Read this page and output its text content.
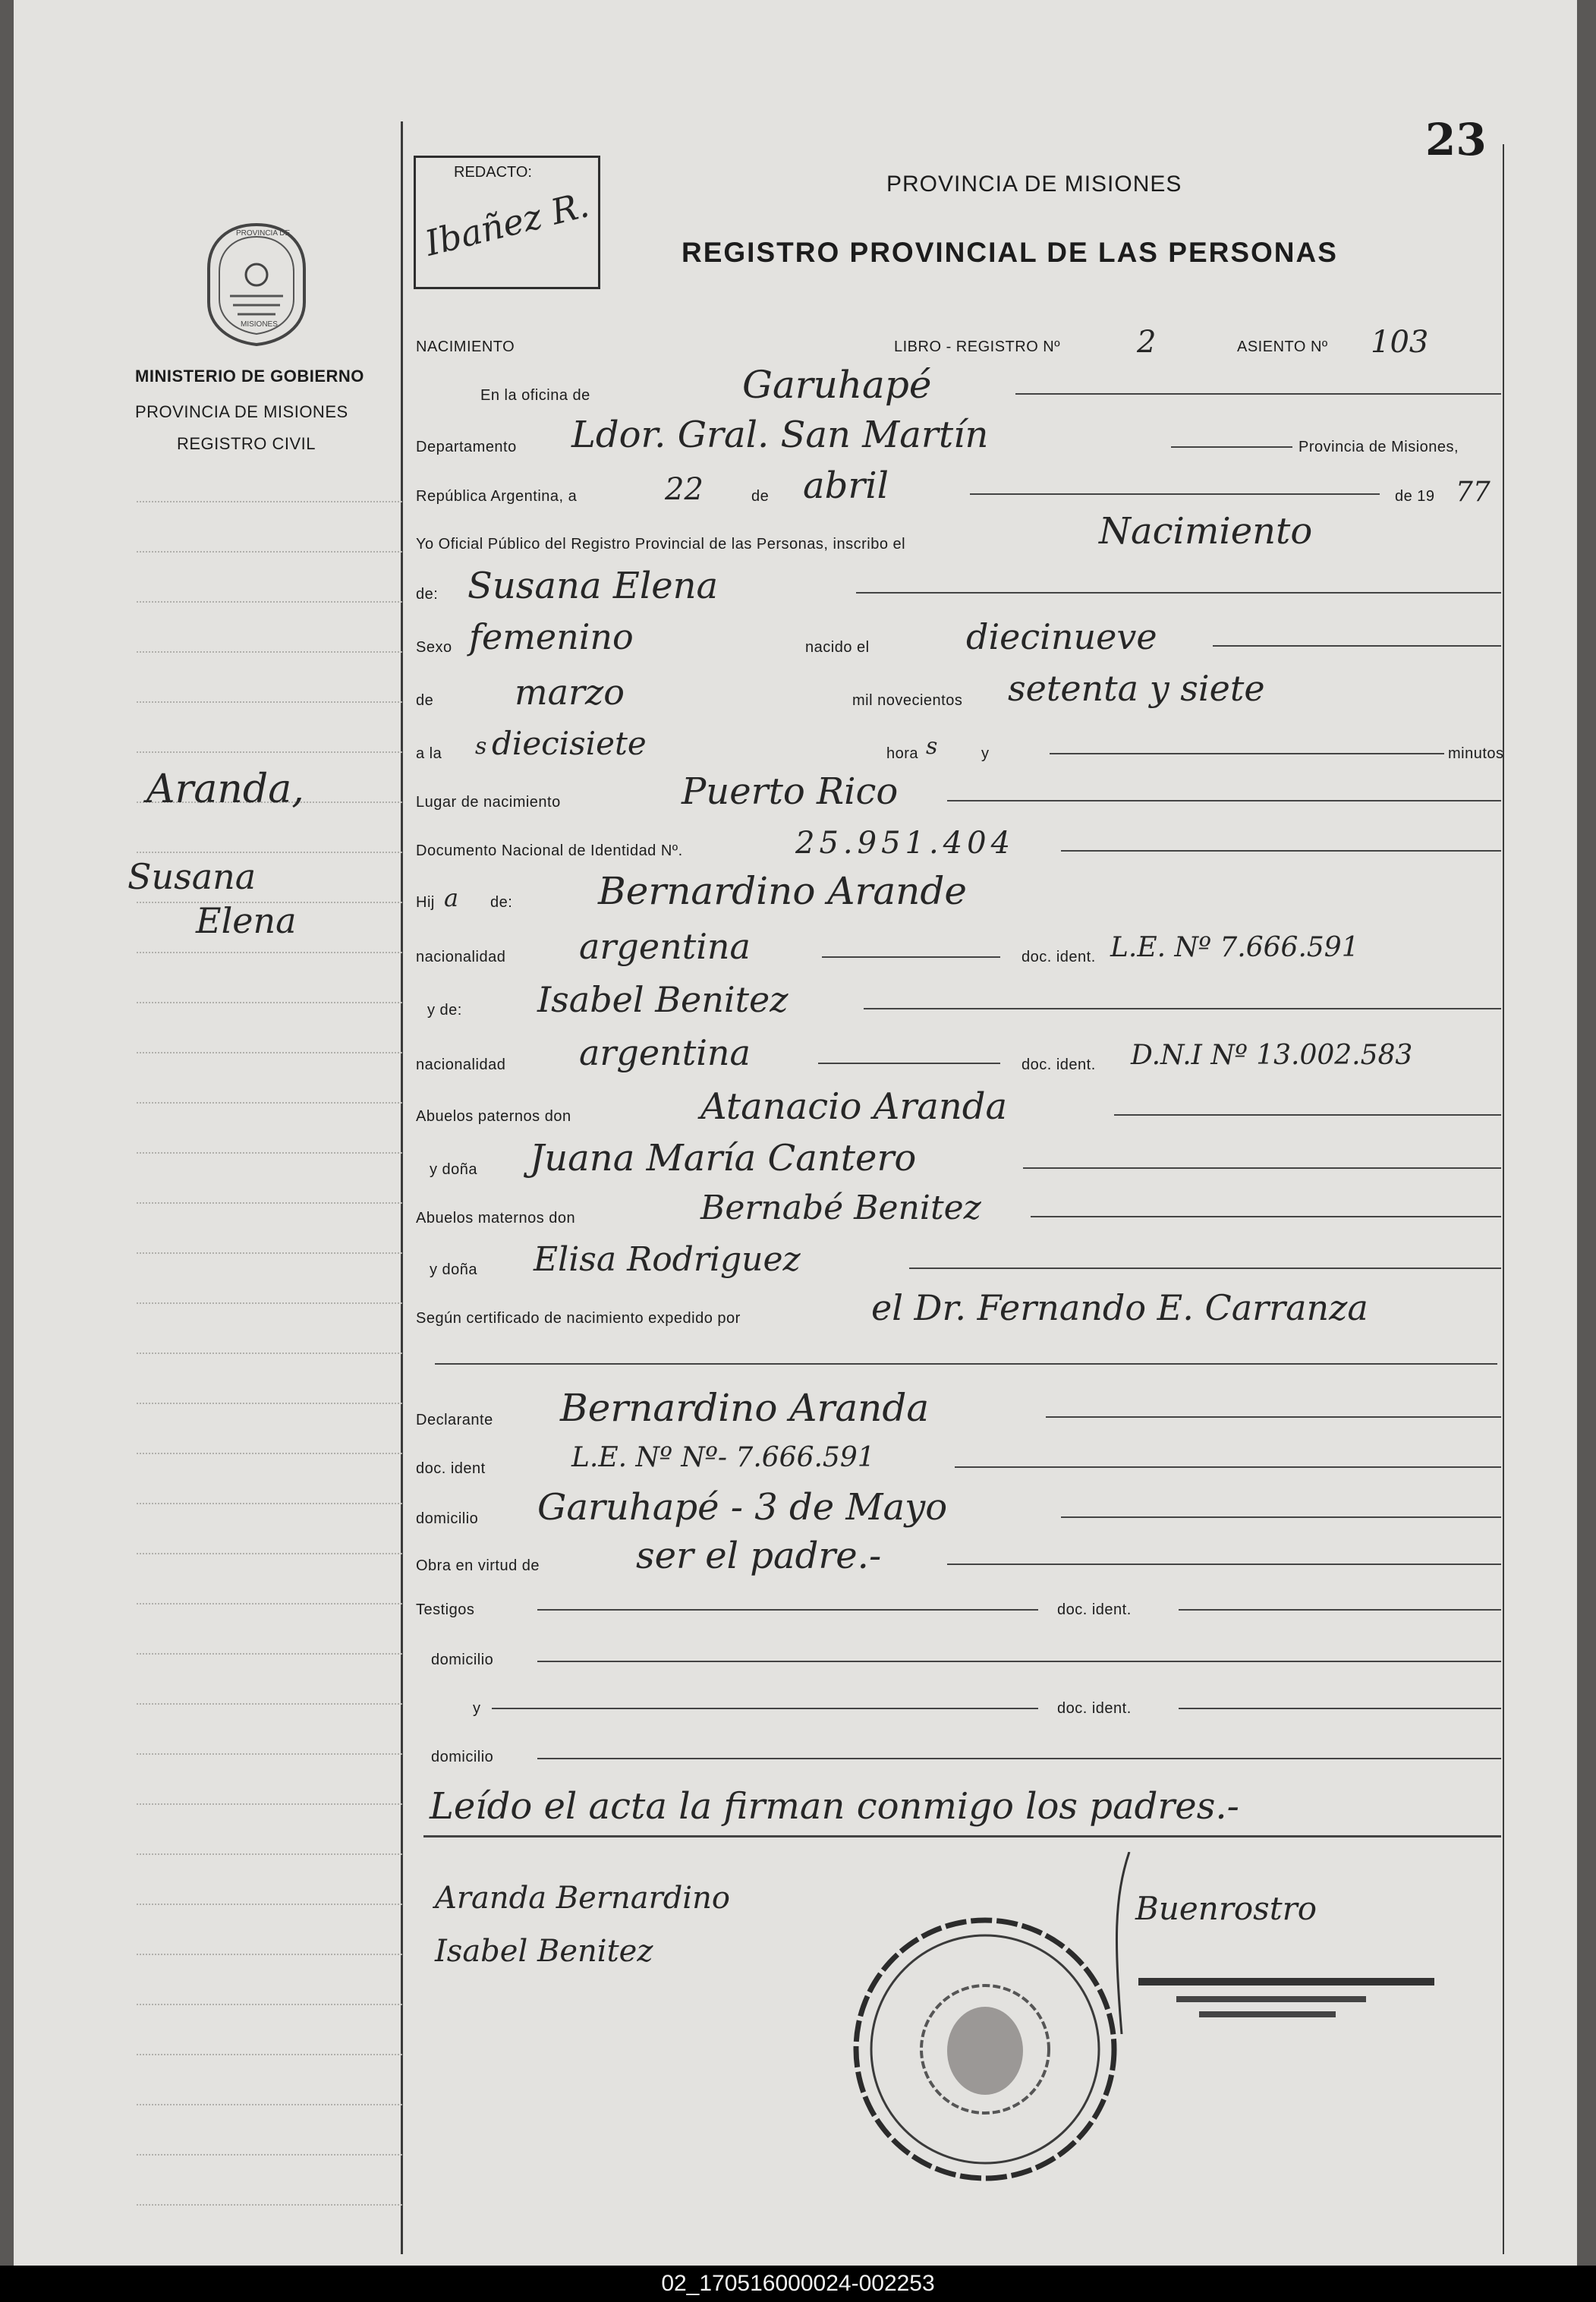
23
REDACTO:
Ibañez R.	PROVINCIA DE MISIONES
REGISTRO PROVINCIAL DE LAS PERSONAS
PROVINCIA DE
MISIONES
MINISTERIO DE GOBIERNO
PROVINCIA DE MISIONES
REGISTRO CIVIL
Aranda,
Susana
Elena
NACIMIENTO	LIBRO - REGISTRO Nº	2	ASIENTO Nº 103
En la oficina de	Garuhapé
Departamento Ldor. Gral. San Martín	Provincia de Misiones,
República Argentina, a	22	de abril	de 19 77
Yo Oficial Público del Registro Provincial de las Personas, inscribo el	Nacimiento
de: Susana Elena
Sexo femenino	nacido el	diecinueve
de marzo	mil novecientos setenta y siete
a la s diecisiete	hora s	y	minutos
Lugar de nacimiento	Puerto Rico
Documento Nacional de Identidad Nº.	25.951.404
Hij a de: Bernardino Arande
nacionalidad argentina	doc. ident. L.E. Nº 7.666.591
y de: Isabel Benitez
nacionalidad argentina	doc. ident. D.N.I Nº 13.002.583
Abuelos paternos don	Atanacio Aranda
y doña Juana María Cantero
Abuelos maternos don	Bernabé Benitez
y doña Elisa Rodriguez
Según certificado de nacimiento expedido por	el Dr. Fernando E. Carranza
Declarante Bernardino Aranda
doc. ident	L.E. Nº Nº- 7.666.591
domicilio Garuhapé - 3 de Mayo
Obra en virtud de	ser el padre.-
Testigos	doc. ident.
domicilio
y	doc. ident.
domicilio
Leído el acta la firman conmigo los padres.-
Aranda Bernardino
Isabel Benitez
Buenrostro
02_170516000024-002253
